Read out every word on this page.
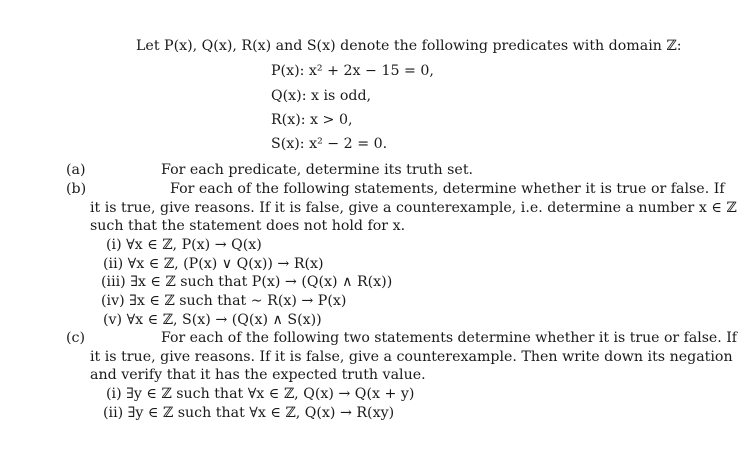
Let P(x), Q(x), R(x) and S(x) denote the following predicates with domain ℤ:
P(x): x² + 2x − 15 = 0,
Q(x): x is odd,
R(x): x > 0,
S(x): x² − 2 = 0.
(a)	For each predicate, determine its truth set.
(b)	For each of the following statements, determine whether it is true or false. If
it is true, give reasons. If it is false, give a counterexample, i.e. determine a number x ∈ ℤ
such that the statement does not hold for x.
(i) ∀x ∈ ℤ, P(x) → Q(x)
(ii) ∀x ∈ ℤ, (P(x) ∨ Q(x)) → R(x)
(iii) ∃x ∈ ℤ such that P(x) → (Q(x) ∧ R(x))
(iv) ∃x ∈ ℤ such that ∼ R(x) → P(x)
(v) ∀x ∈ ℤ, S(x) → (Q(x) ∧ S(x))
(c)	For each of the following two statements determine whether it is true or false. If
it is true, give reasons. If it is false, give a counterexample. Then write down its negation
and verify that it has the expected truth value.
(i) ∃y ∈ ℤ such that ∀x ∈ ℤ, Q(x) → Q(x + y)
(ii) ∃y ∈ ℤ such that ∀x ∈ ℤ, Q(x) → R(xy)
